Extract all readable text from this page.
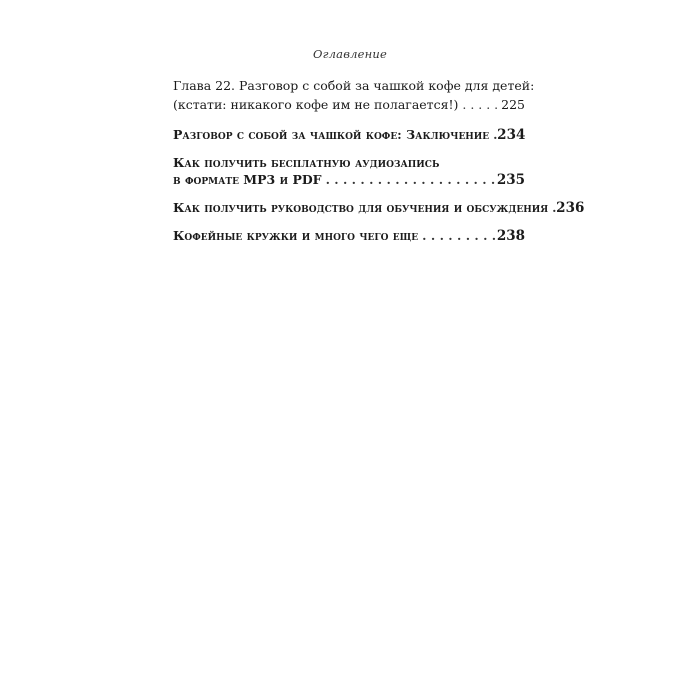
Оглавление
Глава 22. Разговор с собой за чашкой кофе для детей:
(кстати: никакого кофе им не полагается!) . . .	225
Разговор с собой за чашкой кофе: Заключение . . . 234
Как получить бесплатную аудиозапись
в формате MP3 и PDF . . .	235
Как получить руководство для обучения и обсуждения . . . 236
Кофейные кружки и много чего еще . . .	238
